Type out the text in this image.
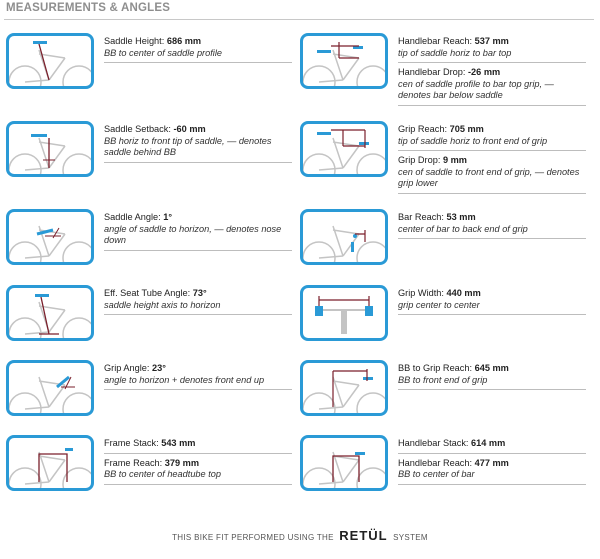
MEASUREMENTS & ANGLES
Saddle Height: 686 mm
BB to center of saddle profile
Saddle Setback: -60 mm
BB horiz to front tip of saddle, — denotes saddle behind BB
Saddle Angle: 1°
angle of saddle to horizon, — denotes nose down
Eff. Seat Tube Angle: 73°
saddle height axis to horizon
Grip Angle: 23°
angle to horizon + denotes front end up
Frame Stack: 543 mm
Frame Reach: 379 mm
BB to center of headtube top
Handlebar Reach: 537 mm
tip of saddle horiz to bar top
Handlebar Drop: -26 mm
cen of saddle profile to bar top grip, — denotes bar below saddle
Grip Reach: 705 mm
tip of saddle horiz to front end of grip
Grip Drop: 9 mm
cen of saddle to front end of grip, — denotes grip lower
Bar Reach: 53 mm
center of bar to back end of grip
Grip Width: 440 mm
grip center to center
BB to Grip Reach: 645 mm
BB to front end of grip
Handlebar Stack: 614 mm
Handlebar Reach: 477 mm
BB to center of bar
THIS BIKE FIT PERFORMED USING THE RETÜL SYSTEM
